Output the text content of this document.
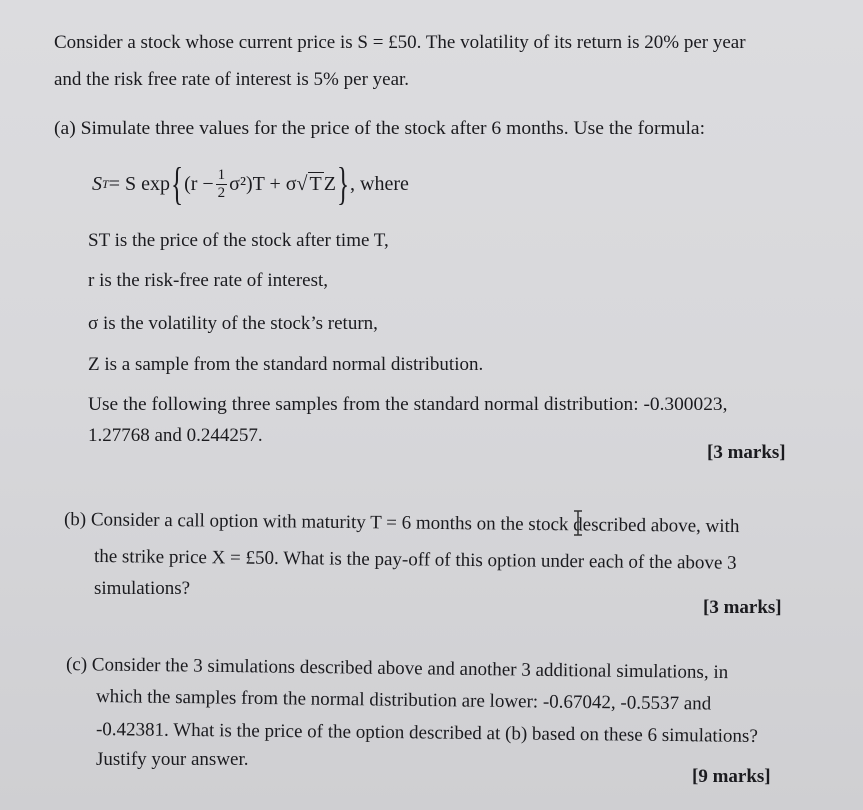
Consider a stock whose current price is S = £50. The volatility of its return is 20% per year
and the risk free rate of interest is 5% per year.
(a) Simulate three values for the price of the stock after 6 months. Use the formula:
S T = S exp { $(r - \frac{1}{2} \sigma^2)T + \sigma$ √ T Z } , where
ST is the price of the stock after time T,
r is the risk-free rate of interest,
σ is the volatility of the stock’s return,
Z is a sample from the standard normal distribution.
Use the following three samples from the standard normal distribution: -0.300023,
1.27768 and 0.244257.
[3 marks]
(b) Consider a call option with maturity T = 6 months on the stock described above, with
the strike price X = £50. What is the pay-off of this option under each of the above 3
simulations?
[3 marks]
(c) Consider the 3 simulations described above and another 3 additional simulations, in
which the samples from the normal distribution are lower: -0.67042, -0.5537 and
-0.42381. What is the price of the option described at (b) based on these 6 simulations?
Justify your answer.
[9 marks]
